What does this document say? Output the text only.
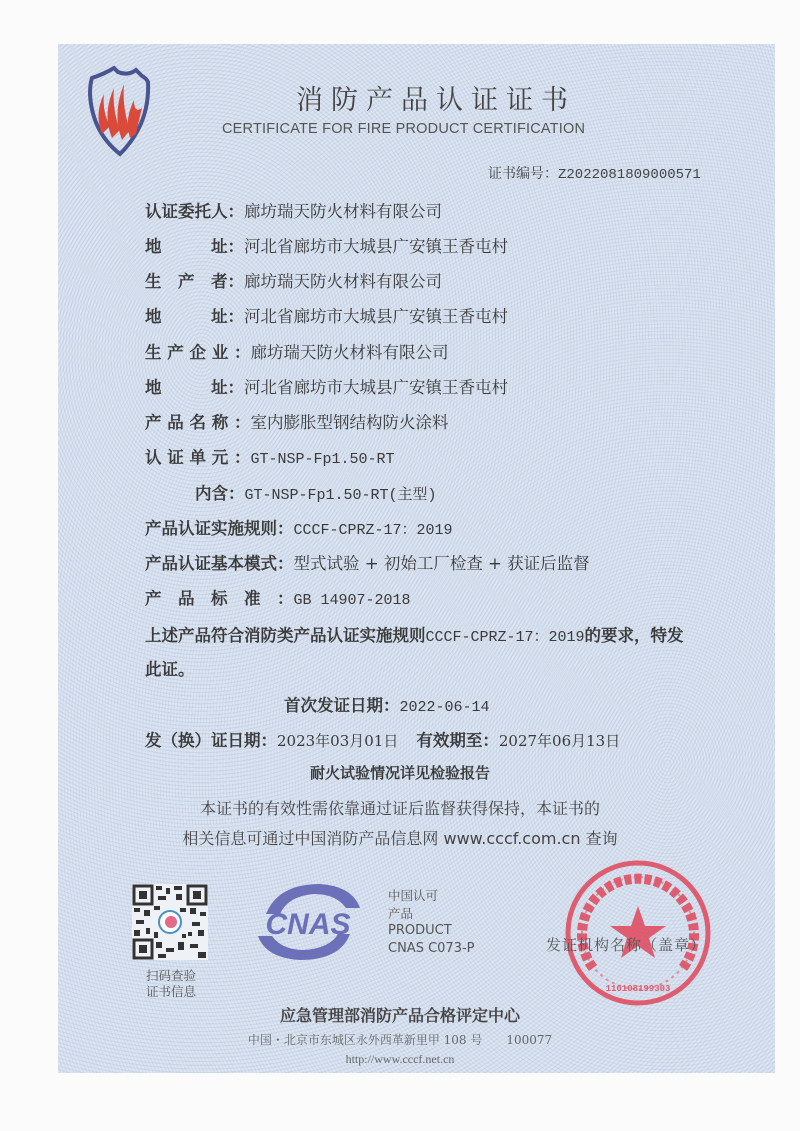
消防产品认证证书
CERTIFICATE FOR FIRE PRODUCT CERTIFICATION
证书编号：Z2022081809000571
认证委托人：廊坊瑞天防火材料有限公司
地　　　址：河北省廊坊市大城县广安镇王香屯村
生　产　者：廊坊瑞天防火材料有限公司
地　　　址：河北省廊坊市大城县广安镇王香屯村
生 产 企 业 ：廊坊瑞天防火材料有限公司
地　　　址：河北省廊坊市大城县广安镇王香屯村
产 品 名 称 ：室内膨胀型钢结构防火涂料
认 证 单 元 ：GT-NSP-Fp1.50-RT
内含：GT-NSP-Fp1.50-RT(主型)
产品认证实施规则：CCCF-CPRZ-17：2019
产品认证基本模式：型式试验 + 初始工厂检查 + 获证后监督
产　品　标　准　：GB 14907-2018
上述产品符合消防类产品认证实施规则CCCF-CPRZ-17：2019的要求，特发
此证。
首次发证日期：2022-06-14
发（换）证日期：2023年03月01日 有效期至：2027年06月13日
耐火试验情况详见检验报告
本证书的有效性需依靠通过证后监督获得保持，本证书的
相关信息可通过中国消防产品信息网 www.cccf.com.cn 查询
扫码查验
证书信息
CNAS
中国认可
产品
PRODUCT
CNAS C073-P
110108199303
发证机构名称（盖章）
应急管理部消防产品合格评定中心
中国・北京市东城区永外西革新里甲 108 号　　100077
http://www.cccf.net.cn
